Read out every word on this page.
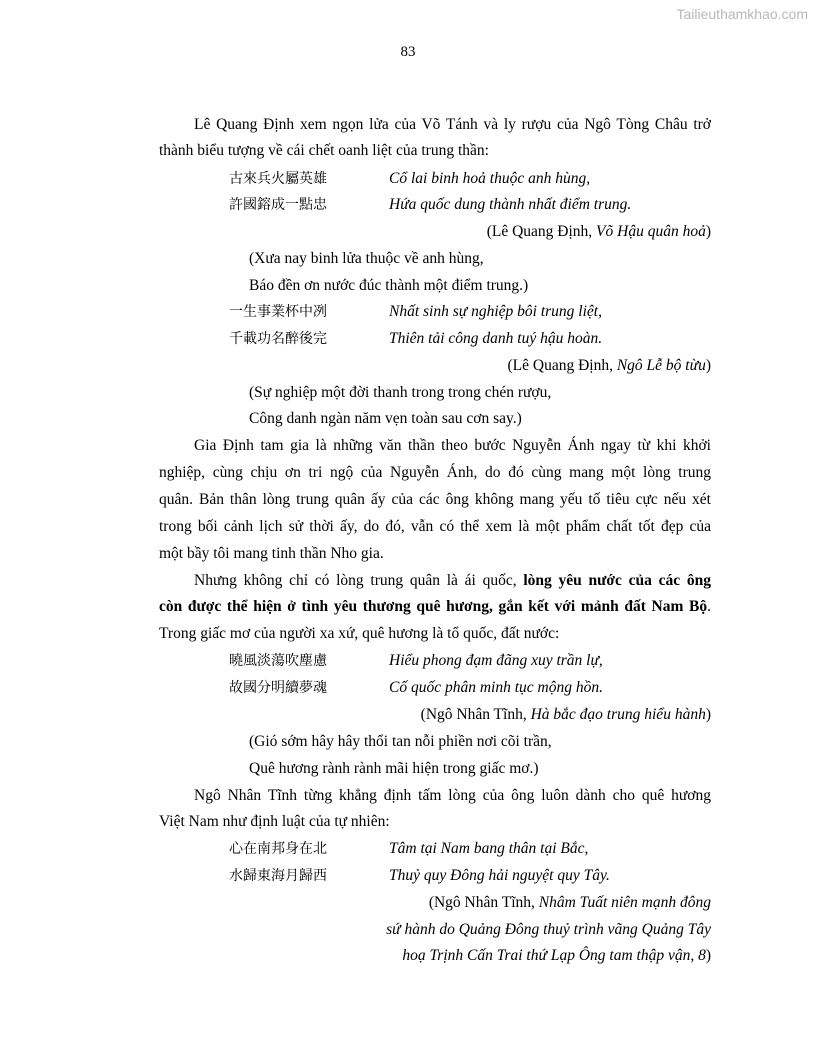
Tailieuthamkhao.com
83
Lê Quang Định xem ngọn lửa của Võ Tánh và ly rượu của Ngô Tòng Châu trở
thành biểu tượng về cái chết oanh liệt của trung thần:
古來兵火屬英雄	Cổ lai binh hoả thuộc anh hùng,
許國鎔成一點忠	Hứa quốc dung thành nhất điểm trung.
(Lê Quang Định, Võ Hậu quân hoả)
(Xưa nay binh lửa thuộc về anh hùng,
Báo đền ơn nước đúc thành một điểm trung.)
一生事業杯中冽	Nhất sinh sự nghiệp bôi trung liệt,
千載功名醉後完	Thiên tải công danh tuý hậu hoàn.
(Lê Quang Định, Ngô Lễ bộ từu)
(Sự nghiệp một đời thanh trong trong chén rượu,
Công danh ngàn năm vẹn toàn sau cơn say.)
Gia Định tam gia là những văn thần theo bước Nguyễn Ánh ngay từ khi khởi
nghiệp, cùng chịu ơn tri ngộ của Nguyễn Ánh, do đó cùng mang một lòng trung
quân. Bản thân lòng trung quân ấy của các ông không mang yếu tố tiêu cực nếu xét
trong bối cảnh lịch sử thời ấy, do đó, vẫn có thể xem là một phẩm chất tốt đẹp của
một bầy tôi mang tinh thần Nho gia.
Nhưng không chỉ có lòng trung quân là ái quốc, lòng yêu nước của các ông
còn được thể hiện ở tình yêu thương quê hương, gắn kết với mảnh đất Nam Bộ.
Trong giấc mơ của người xa xứ, quê hương là tổ quốc, đất nước:
曉風淡蕩吹塵慮	Hiểu phong đạm đãng xuy trần lự,
故國分明續夢魂	Cố quốc phân minh tục mộng hồn.
(Ngô Nhân Tĩnh, Hà bắc đạo trung hiểu hành)
(Gió sớm hây hây thổi tan nỗi phiền nơi cõi trần,
Quê hương rành rành mãi hiện trong giấc mơ.)
Ngô Nhân Tĩnh từng khẳng định tấm lòng của ông luôn dành cho quê hương
Việt Nam như định luật của tự nhiên:
心在南邦身在北	Tâm tại Nam bang thân tại Bắc,
水歸東海月歸西	Thuỷ quy Đông hải nguyệt quy Tây.
(Ngô Nhân Tĩnh, Nhâm Tuất niên mạnh đông
sứ hành do Quảng Đông thuỷ trình vãng Quảng Tây
hoạ Trịnh Cấn Trai thứ Lạp Ông tam thập vận, 8)
